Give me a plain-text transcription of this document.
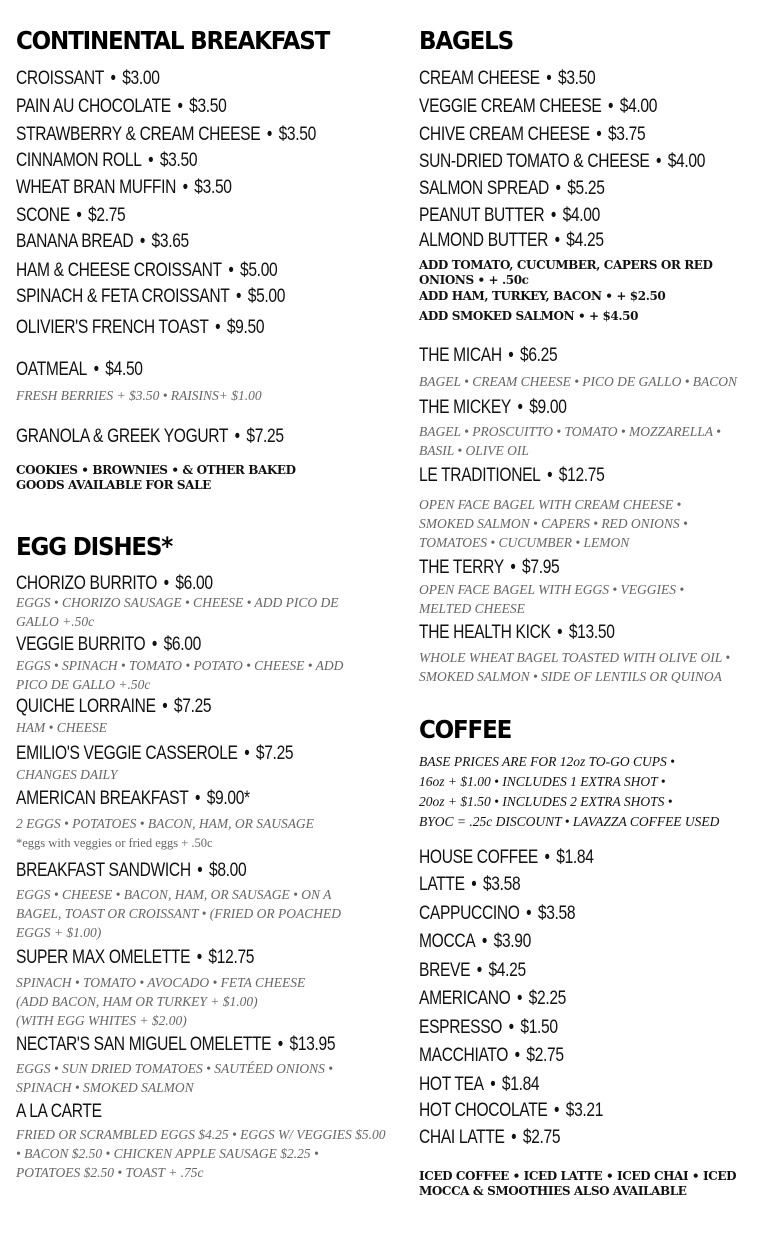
CONTINENTAL BREAKFAST
CROISSANT • $3.00
PAIN AU CHOCOLATE • $3.50
STRAWBERRY & CREAM CHEESE • $3.50
CINNAMON ROLL • $3.50
WHEAT BRAN MUFFIN • $3.50
SCONE • $2.75
BANANA BREAD • $3.65
HAM & CHEESE CROISSANT • $5.00
SPINACH & FETA CROISSANT • $5.00
OLIVIER'S FRENCH TOAST • $9.50
OATMEAL • $4.50
FRESH BERRIES + $3.50 • RAISINS+ $1.00
GRANOLA & GREEK YOGURT • $7.25
COOKIES • BROWNIES • & OTHER BAKED GOODS AVAILABLE FOR SALE
EGG DISHES*
CHORIZO BURRITO • $6.00
EGGS • CHORIZO SAUSAGE • CHEESE • ADD PICO DE GALLO +.50c
VEGGIE BURRITO • $6.00
EGGS • SPINACH • TOMATO • POTATO • CHEESE • ADD PICO DE GALLO +.50c
QUICHE LORRAINE • $7.25
HAM • CHEESE
EMILIO'S VEGGIE CASSEROLE • $7.25
CHANGES DAILY
AMERICAN BREAKFAST • $9.00*
2 EGGS • POTATOES • BACON, HAM, OR SAUSAGE
*eggs with veggies or fried eggs + .50c
BREAKFAST SANDWICH • $8.00
EGGS • CHEESE • BACON, HAM, OR SAUSAGE • ON A BAGEL, TOAST OR CROISSANT • (FRIED OR POACHED EGGS + $1.00)
SUPER MAX OMELETTE • $12.75
SPINACH • TOMATO • AVOCADO • FETA CHEESE
(ADD BACON, HAM OR TURKEY + $1.00)
(WITH EGG WHITES + $2.00)
NECTAR'S SAN MIGUEL OMELETTE • $13.95
EGGS • SUN DRIED TOMATOES • SAUTÉED ONIONS • SPINACH • SMOKED SALMON
A LA CARTE
FRIED OR SCRAMBLED EGGS $4.25 • EGGS W/ VEGGIES $5.00 • BACON $2.50 • CHICKEN APPLE SAUSAGE $2.25 • POTATOES $2.50 • TOAST + .75c
BAGELS
CREAM CHEESE • $3.50
VEGGIE CREAM CHEESE • $4.00
CHIVE CREAM CHEESE • $3.75
SUN-DRIED TOMATO & CHEESE • $4.00
SALMON SPREAD • $5.25
PEANUT BUTTER • $4.00
ALMOND BUTTER • $4.25
ADD TOMATO, CUCUMBER, CAPERS OR RED ONIONS • + .50c
ADD HAM, TURKEY, BACON • + $2.50
ADD SMOKED SALMON • + $4.50
THE MICAH • $6.25
BAGEL • CREAM CHEESE • PICO DE GALLO • BACON
THE MICKEY • $9.00
BAGEL • PROSCUITTO • TOMATO • MOZZARELLA • BASIL • OLIVE OIL
LE TRADITIONEL • $12.75
OPEN FACE BAGEL WITH CREAM CHEESE • SMOKED SALMON • CAPERS • RED ONIONS • TOMATOES • CUCUMBER • LEMON
THE TERRY • $7.95
OPEN FACE BAGEL WITH EGGS • VEGGIES • MELTED CHEESE
THE HEALTH KICK • $13.50
WHOLE WHEAT BAGEL TOASTED WITH OLIVE OIL • SMOKED SALMON • SIDE OF LENTILS OR QUINOA
COFFEE
BASE PRICES ARE FOR 12oz TO-GO CUPS •
16oz + $1.00 • INCLUDES 1 EXTRA SHOT •
20oz + $1.50 • INCLUDES 2 EXTRA SHOTS •
BYOC = .25c DISCOUNT • LAVAZZA COFFEE USED
HOUSE COFFEE • $1.84
LATTE • $3.58
CAPPUCCINO • $3.58
MOCCA • $3.90
BREVE • $4.25
AMERICANO • $2.25
ESPRESSO • $1.50
MACCHIATO • $2.75
HOT TEA • $1.84
HOT CHOCOLATE • $3.21
CHAI LATTE • $2.75
ICED COFFEE • ICED LATTE • ICED CHAI • ICED MOCCA & SMOOTHIES ALSO AVAILABLE
